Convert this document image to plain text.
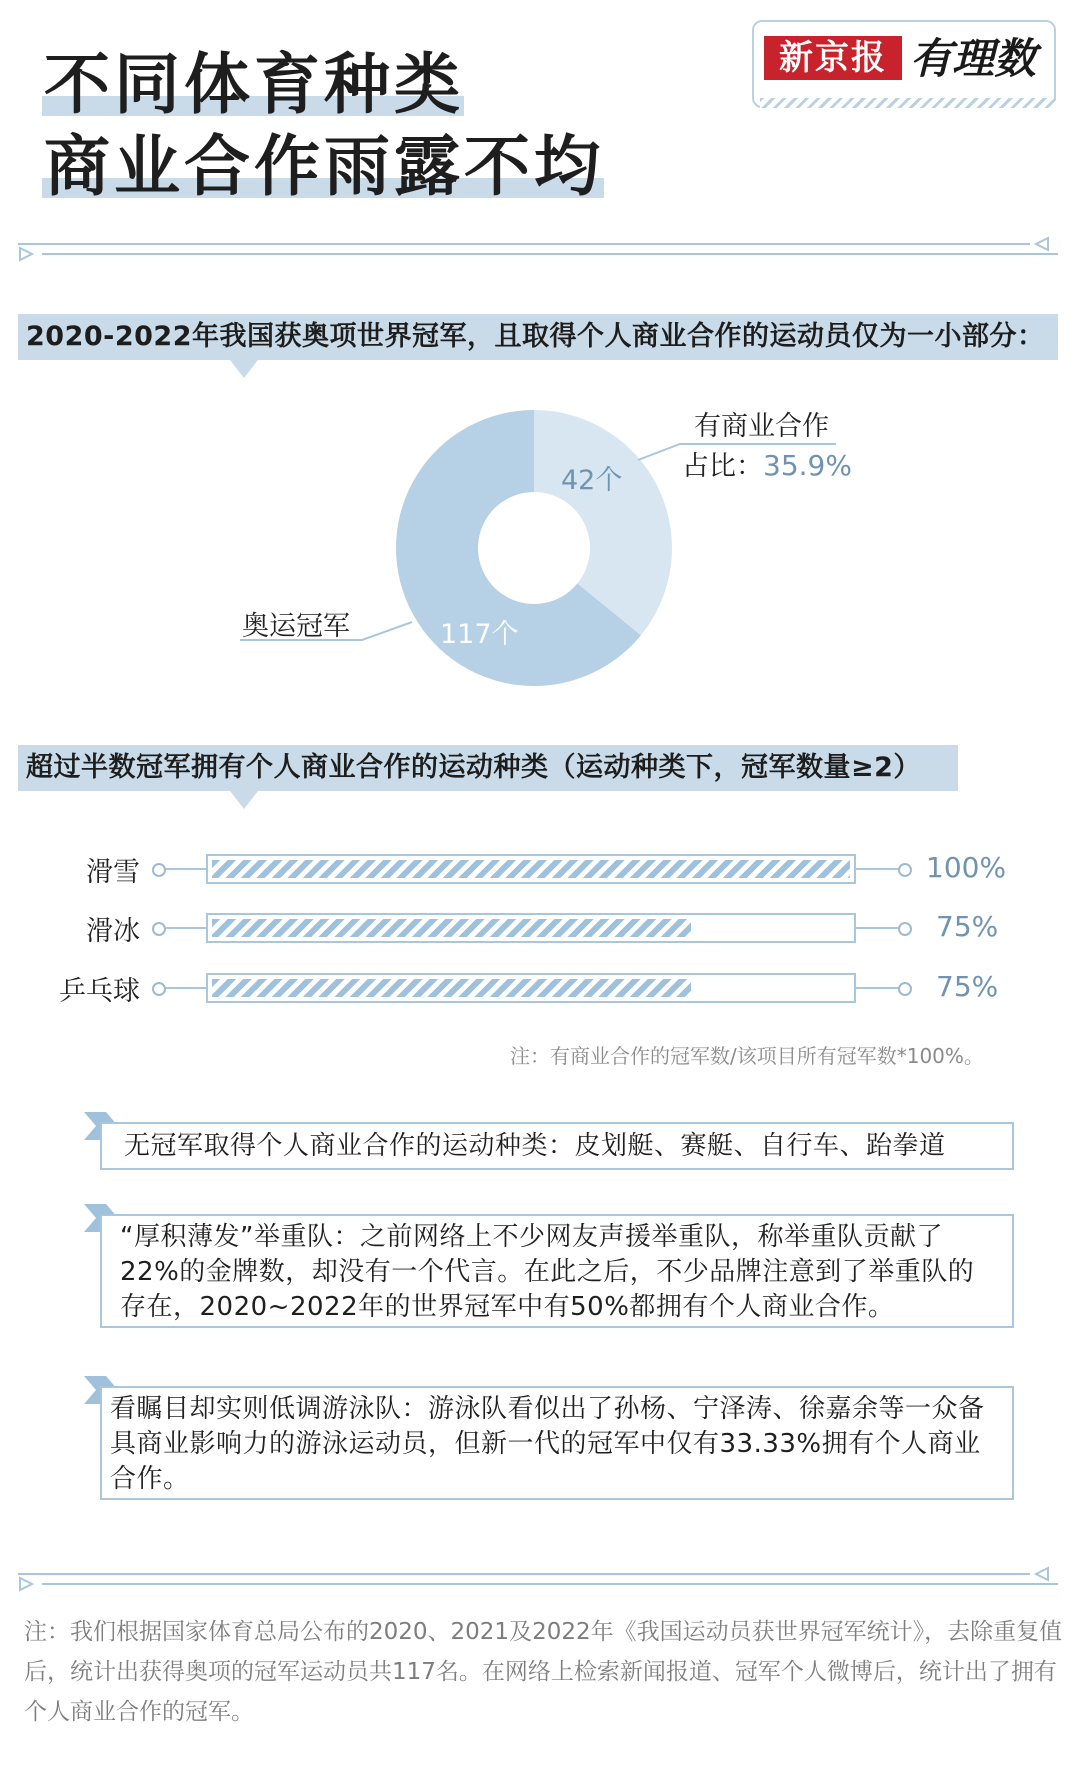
不同体育种类
商业合作雨露不均
新京报 有理数
2020-2022年我国获奥项世界冠军，且取得个人商业合作的运动员仅为一小部分：
有商业合作
占比：35.9%
42个
奥运冠军	117个
超过半数冠军拥有个人商业合作的运动种类（运动种类下，冠军数量≥2）
滑雪	100%
滑冰	75%
乒乓球	75%
注：有商业合作的冠军数/该项目所有冠军数*100%。
无冠军取得个人商业合作的运动种类：皮划艇、赛艇、自行车、跆拳道
“厚积薄发”举重队：之前网络上不少网友声援举重队，称举重队贡献了22%的金牌数，却没有一个代言。在此之后，不少品牌注意到了举重队的存在，2020~2022年的世界冠军中有50%都拥有个人商业合作。
看瞩目却实则低调游泳队：游泳队看似出了孙杨、宁泽涛、徐嘉余等一众备具商业影响力的游泳运动员，但新一代的冠军中仅有33.33%拥有个人商业合作。
注：我们根据国家体育总局公布的2020、2021及2022年《我国运动员获世界冠军统计》，去除重复值后，统计出获得奥项的冠军运动员共117名。在网络上检索新闻报道、冠军个人微博后，统计出了拥有个人商业合作的冠军。
